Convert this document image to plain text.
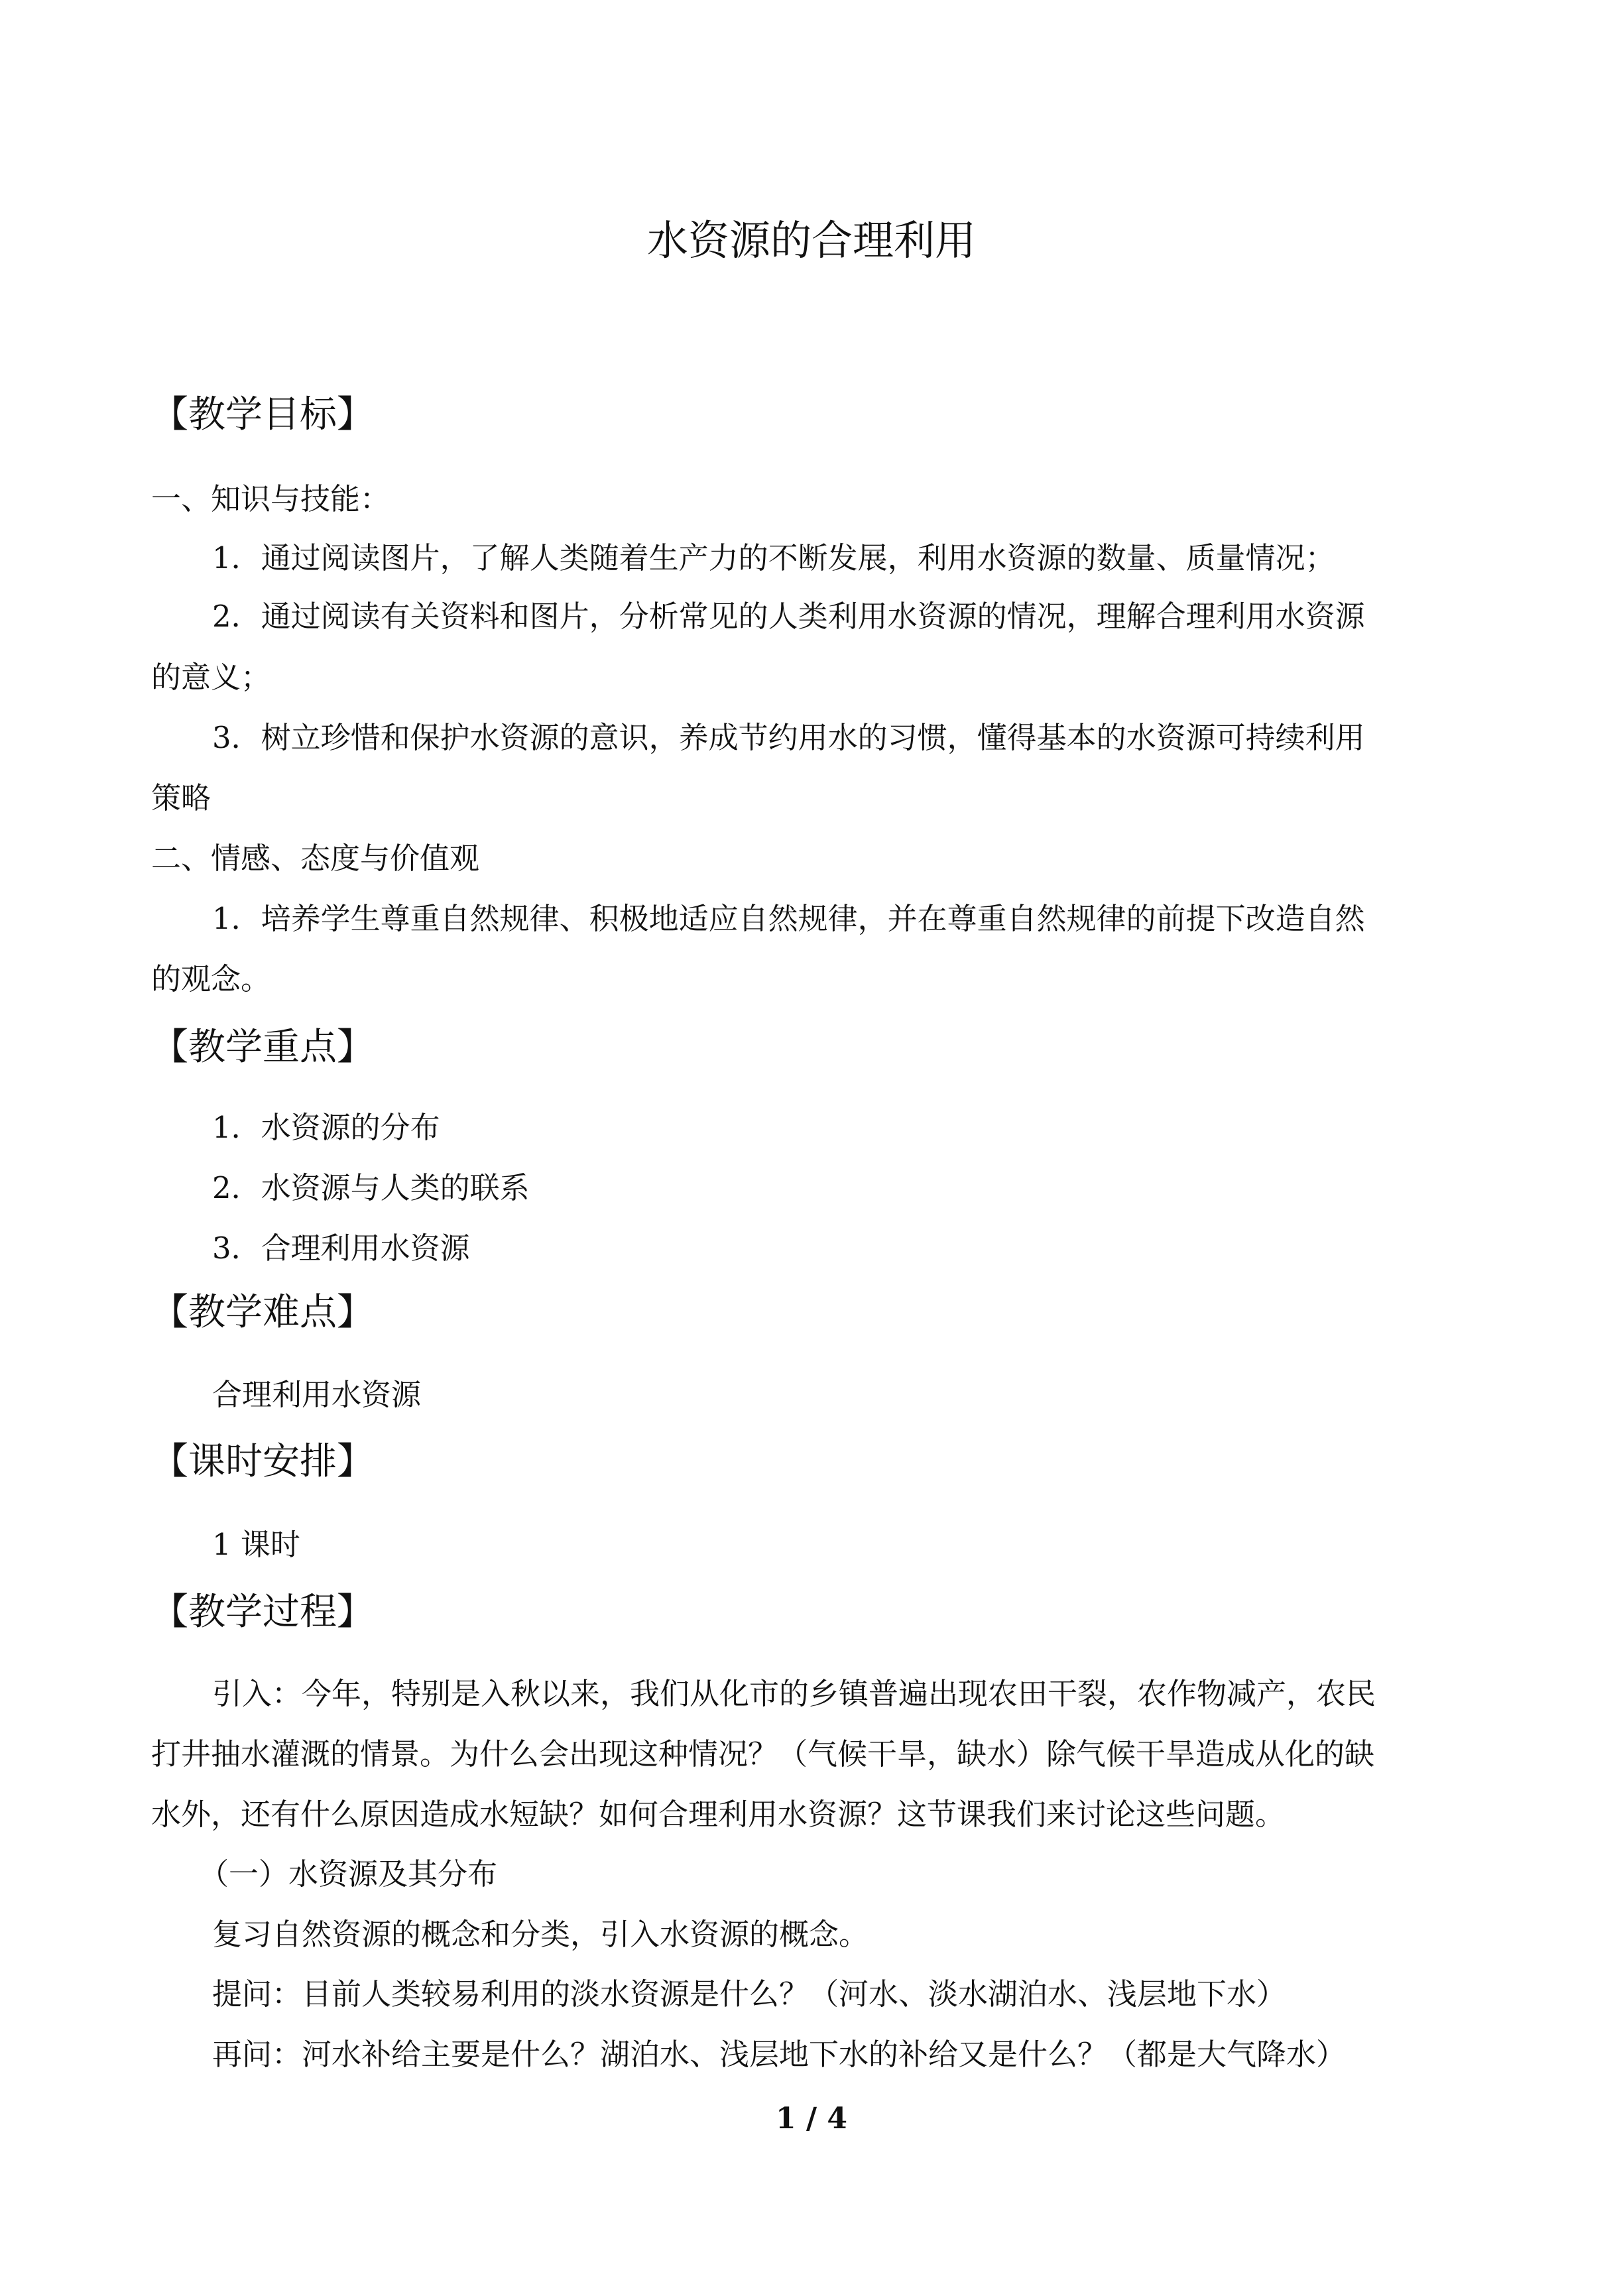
水资源的合理利用
【教学目标】
一、知识与技能：
1．通过阅读图片，了解人类随着生产力的不断发展，利用水资源的数量、质量情况；
2．通过阅读有关资料和图片，分析常见的人类利用水资源的情况，理解合理利用水资源
的意义；
3．树立珍惜和保护水资源的意识，养成节约用水的习惯，懂得基本的水资源可持续利用
策略
二、情感、态度与价值观
1．培养学生尊重自然规律、积极地适应自然规律，并在尊重自然规律的前提下改造自然
的观念。
【教学重点】
1．水资源的分布
2．水资源与人类的联系
3．合理利用水资源
【教学难点】
合理利用水资源
【课时安排】
1 课时
【教学过程】
引入：今年，特别是入秋以来，我们从化市的乡镇普遍出现农田干裂，农作物减产，农民
打井抽水灌溉的情景。为什么会出现这种情况？（气候干旱，缺水）除气候干旱造成从化的缺
水外，还有什么原因造成水短缺？如何合理利用水资源？这节课我们来讨论这些问题。
（一）水资源及其分布
复习自然资源的概念和分类，引入水资源的概念。
提问：目前人类较易利用的淡水资源是什么？（河水、淡水湖泊水、浅层地下水）
再问：河水补给主要是什么？湖泊水、浅层地下水的补给又是什么？（都是大气降水）
1 / 4
